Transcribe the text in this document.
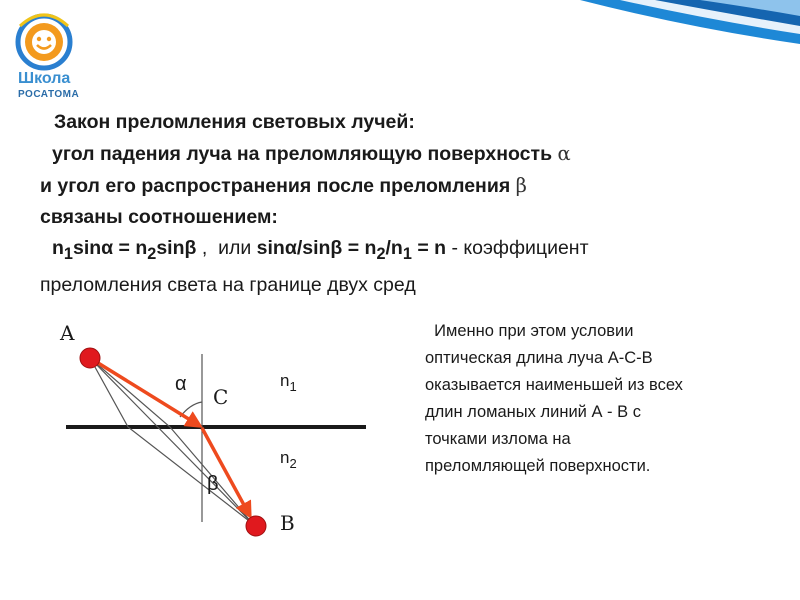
Школа
РОСАТОМА
Закон преломления световых лучей:
угол падения луча на преломляющую поверхность α
и угол его распространения после преломления β
связаны соотношением:
$n_1\sin\alpha = n_2\sin\beta$ ,  или $\sin\alpha/\sin\beta = n_2/n_1 = n$ - коэффициент
преломления света на границе двух сред
A
B
C
α
β
$n_1$
$n_2$
Именно при этом условии
оптическая длина луча А-С-В
оказывается наименьшей из всех
длин ломаных линий А - В с
точками излома на
преломляющей поверхности.
